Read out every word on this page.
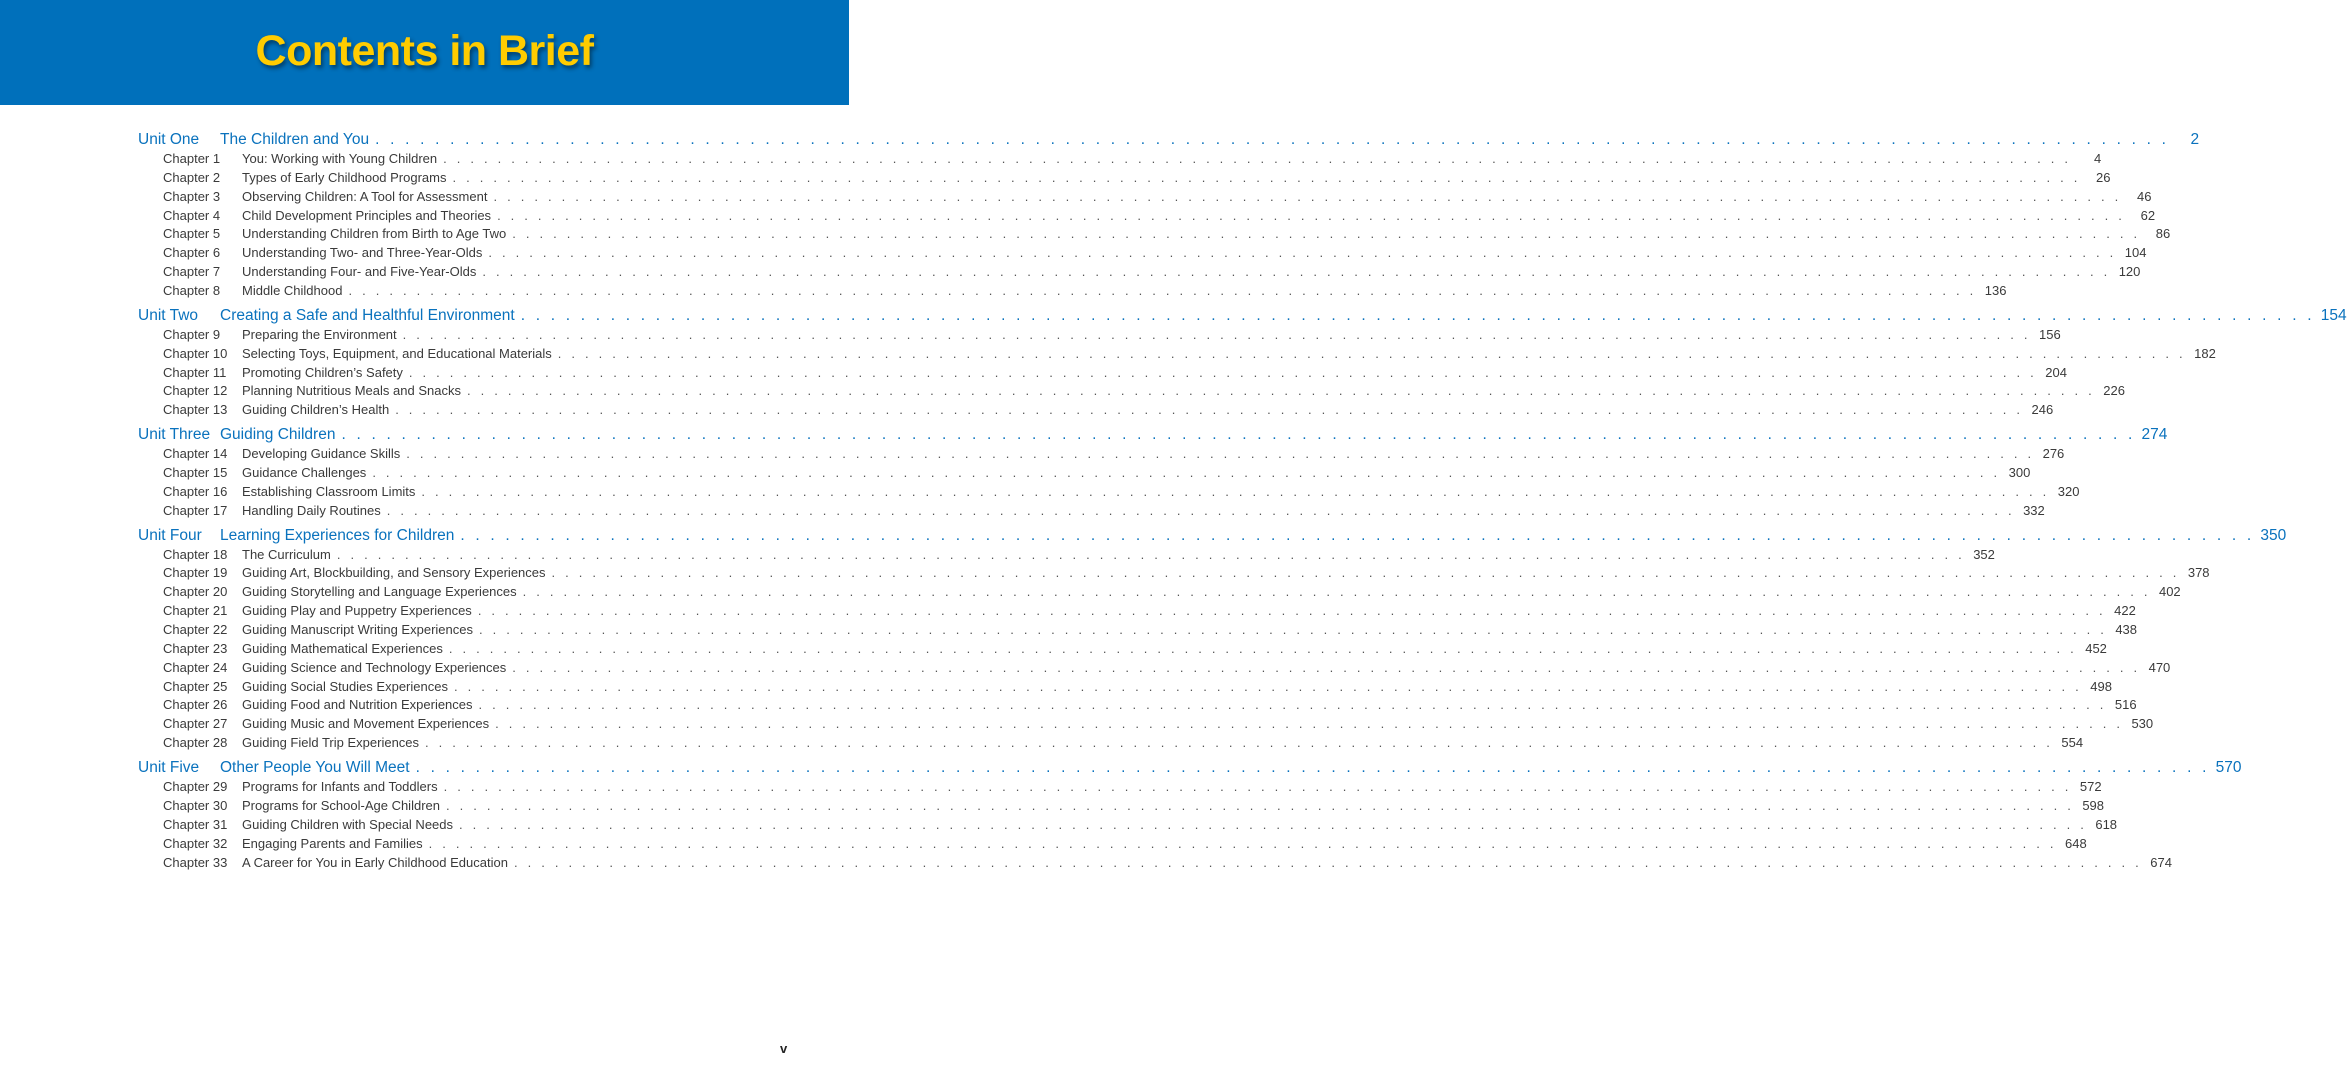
Contents in Brief
Unit One	The Children and You . . . . . . . . . . . . . . . . . . . . . . . . . . . . . . . . . . . . . . . . . . . . . . . . . . . . . . . . . . . . . . . . . . . . . . . . . . . . . . . . . . . . . . . . . . . . . . . . . . . . . . . . . . . . . . . . . . . . . . . .	2
Chapter 1	You: Working with Young Children . . . . . . . . . . . . . . . . . . . . . . . . . . . . . . . . . . . . . . . . . . . . . . . . . . . . . . . . . . . . . . . . . . . . . . . . . . . . . . . . . . . . . . . . . . . . . . . . . . . . . . . . . . . . . . . . . . . . . . . .	4
Chapter 2	Types of Early Childhood Programs . . . . . . . . . . . . . . . . . . . . . . . . . . . . . . . . . . . . . . . . . . . . . . . . . . . . . . . . . . . . . . . . . . . . . . . . . . . . . . . . . . . . . . . . . . . . . . . . . . . . . . . . . . . . . . . . . . . . . . . .	26
Chapter 3	Observing Children: A Tool for Assessment . . . . . . . . . . . . . . . . . . . . . . . . . . . . . . . . . . . . . . . . . . . . . . . . . . . . . . . . . . . . . . . . . . . . . . . . . . . . . . . . . . . . . . . . . . . . . . . . . . . . . . . . . . . . . . . . . . . . . . . .	46
Chapter 4	Child Development Principles and Theories . . . . . . . . . . . . . . . . . . . . . . . . . . . . . . . . . . . . . . . . . . . . . . . . . . . . . . . . . . . . . . . . . . . . . . . . . . . . . . . . . . . . . . . . . . . . . . . . . . . . . . . . . . . . . . . . . . . . . . . .	62
Chapter 5	Understanding Children from Birth to Age Two . . . . . . . . . . . . . . . . . . . . . . . . . . . . . . . . . . . . . . . . . . . . . . . . . . . . . . . . . . . . . . . . . . . . . . . . . . . . . . . . . . . . . . . . . . . . . . . . . . . . . . . . . . . . . . . . . . . . . . . .	86
Chapter 6	Understanding Two- and Three-Year-Olds . . . . . . . . . . . . . . . . . . . . . . . . . . . . . . . . . . . . . . . . . . . . . . . . . . . . . . . . . . . . . . . . . . . . . . . . . . . . . . . . . . . . . . . . . . . . . . . . . . . . . . . . . . . . . . . . . . . . . . . . 104
Chapter 7	Understanding Four- and Five-Year-Olds . . . . . . . . . . . . . . . . . . . . . . . . . . . . . . . . . . . . . . . . . . . . . . . . . . . . . . . . . . . . . . . . . . . . . . . . . . . . . . . . . . . . . . . . . . . . . . . . . . . . . . . . . . . . . . . . . . . . . . . . 120
Chapter 8	Middle Childhood . . . . . . . . . . . . . . . . . . . . . . . . . . . . . . . . . . . . . . . . . . . . . . . . . . . . . . . . . . . . . . . . . . . . . . . . . . . . . . . . . . . . . . . . . . . . . . . . . . . . . . . . . . . . . . . . . . . . . . . . 136
Unit Two	Creating a Safe and Healthful Environment . . . . . . . . . . . . . . . . . . . . . . . . . . . . . . . . . . . . . . . . . . . . . . . . . . . . . . . . . . . . . . . . . . . . . . . . . . . . . . . . . . . . . . . . . . . . . . . . . . . . . . . . . . . . . . . . . . . . . . . . 154
Chapter 9	Preparing the Environment . . . . . . . . . . . . . . . . . . . . . . . . . . . . . . . . . . . . . . . . . . . . . . . . . . . . . . . . . . . . . . . . . . . . . . . . . . . . . . . . . . . . . . . . . . . . . . . . . . . . . . . . . . . . . . . . . . . . . . . . 156
Chapter 10	Selecting Toys, Equipment, and Educational Materials . . . . . . . . . . . . . . . . . . . . . . . . . . . . . . . . . . . . . . . . . . . . . . . . . . . . . . . . . . . . . . . . . . . . . . . . . . . . . . . . . . . . . . . . . . . . . . . . . . . . . . . . . . . . . . . . . . . . . . . . 182
Chapter 11	Promoting Children’s Safety . . . . . . . . . . . . . . . . . . . . . . . . . . . . . . . . . . . . . . . . . . . . . . . . . . . . . . . . . . . . . . . . . . . . . . . . . . . . . . . . . . . . . . . . . . . . . . . . . . . . . . . . . . . . . . . . . . . . . . . . 204
Chapter 12	Planning Nutritious Meals and Snacks . . . . . . . . . . . . . . . . . . . . . . . . . . . . . . . . . . . . . . . . . . . . . . . . . . . . . . . . . . . . . . . . . . . . . . . . . . . . . . . . . . . . . . . . . . . . . . . . . . . . . . . . . . . . . . . . . . . . . . . . 226
Chapter 13	Guiding Children’s Health . . . . . . . . . . . . . . . . . . . . . . . . . . . . . . . . . . . . . . . . . . . . . . . . . . . . . . . . . . . . . . . . . . . . . . . . . . . . . . . . . . . . . . . . . . . . . . . . . . . . . . . . . . . . . . . . . . . . . . . . 246
Unit Three Guiding Children . . . . . . . . . . . . . . . . . . . . . . . . . . . . . . . . . . . . . . . . . . . . . . . . . . . . . . . . . . . . . . . . . . . . . . . . . . . . . . . . . . . . . . . . . . . . . . . . . . . . . . . . . . . . . . . . . . . . . . . . 274
Chapter 14	Developing Guidance Skills . . . . . . . . . . . . . . . . . . . . . . . . . . . . . . . . . . . . . . . . . . . . . . . . . . . . . . . . . . . . . . . . . . . . . . . . . . . . . . . . . . . . . . . . . . . . . . . . . . . . . . . . . . . . . . . . . . . . . . . . 276
Chapter 15	Guidance Challenges . . . . . . . . . . . . . . . . . . . . . . . . . . . . . . . . . . . . . . . . . . . . . . . . . . . . . . . . . . . . . . . . . . . . . . . . . . . . . . . . . . . . . . . . . . . . . . . . . . . . . . . . . . . . . . . . . . . . . . . . 300
Chapter 16	Establishing Classroom Limits . . . . . . . . . . . . . . . . . . . . . . . . . . . . . . . . . . . . . . . . . . . . . . . . . . . . . . . . . . . . . . . . . . . . . . . . . . . . . . . . . . . . . . . . . . . . . . . . . . . . . . . . . . . . . . . . . . . . . . . . 320
Chapter 17	Handling Daily Routines . . . . . . . . . . . . . . . . . . . . . . . . . . . . . . . . . . . . . . . . . . . . . . . . . . . . . . . . . . . . . . . . . . . . . . . . . . . . . . . . . . . . . . . . . . . . . . . . . . . . . . . . . . . . . . . . . . . . . . . . 332
Unit Four	Learning Experiences for Children . . . . . . . . . . . . . . . . . . . . . . . . . . . . . . . . . . . . . . . . . . . . . . . . . . . . . . . . . . . . . . . . . . . . . . . . . . . . . . . . . . . . . . . . . . . . . . . . . . . . . . . . . . . . . . . . . . . . . . . . 350
Chapter 18	The Curriculum . . . . . . . . . . . . . . . . . . . . . . . . . . . . . . . . . . . . . . . . . . . . . . . . . . . . . . . . . . . . . . . . . . . . . . . . . . . . . . . . . . . . . . . . . . . . . . . . . . . . . . . . . . . . . . . . . . . . . . . . 352
Chapter 19	Guiding Art, Blockbuilding, and Sensory Experiences . . . . . . . . . . . . . . . . . . . . . . . . . . . . . . . . . . . . . . . . . . . . . . . . . . . . . . . . . . . . . . . . . . . . . . . . . . . . . . . . . . . . . . . . . . . . . . . . . . . . . . . . . . . . . . . . . . . . . . . . 378
Chapter 20	Guiding Storytelling and Language Experiences . . . . . . . . . . . . . . . . . . . . . . . . . . . . . . . . . . . . . . . . . . . . . . . . . . . . . . . . . . . . . . . . . . . . . . . . . . . . . . . . . . . . . . . . . . . . . . . . . . . . . . . . . . . . . . . . . . . . . . . . 402
Chapter 21	Guiding Play and Puppetry Experiences . . . . . . . . . . . . . . . . . . . . . . . . . . . . . . . . . . . . . . . . . . . . . . . . . . . . . . . . . . . . . . . . . . . . . . . . . . . . . . . . . . . . . . . . . . . . . . . . . . . . . . . . . . . . . . . . . . . . . . . . 422
Chapter 22	Guiding Manuscript Writing Experiences . . . . . . . . . . . . . . . . . . . . . . . . . . . . . . . . . . . . . . . . . . . . . . . . . . . . . . . . . . . . . . . . . . . . . . . . . . . . . . . . . . . . . . . . . . . . . . . . . . . . . . . . . . . . . . . . . . . . . . . . 438
Chapter 23	Guiding Mathematical Experiences . . . . . . . . . . . . . . . . . . . . . . . . . . . . . . . . . . . . . . . . . . . . . . . . . . . . . . . . . . . . . . . . . . . . . . . . . . . . . . . . . . . . . . . . . . . . . . . . . . . . . . . . . . . . . . . . . . . . . . . . 452
Chapter 24	Guiding Science and Technology Experiences . . . . . . . . . . . . . . . . . . . . . . . . . . . . . . . . . . . . . . . . . . . . . . . . . . . . . . . . . . . . . . . . . . . . . . . . . . . . . . . . . . . . . . . . . . . . . . . . . . . . . . . . . . . . . . . . . . . . . . . . 470
Chapter 25	Guiding Social Studies Experiences . . . . . . . . . . . . . . . . . . . . . . . . . . . . . . . . . . . . . . . . . . . . . . . . . . . . . . . . . . . . . . . . . . . . . . . . . . . . . . . . . . . . . . . . . . . . . . . . . . . . . . . . . . . . . . . . . . . . . . . . 498
Chapter 26	Guiding Food and Nutrition Experiences . . . . . . . . . . . . . . . . . . . . . . . . . . . . . . . . . . . . . . . . . . . . . . . . . . . . . . . . . . . . . . . . . . . . . . . . . . . . . . . . . . . . . . . . . . . . . . . . . . . . . . . . . . . . . . . . . . . . . . . . 516
Chapter 27	Guiding Music and Movement Experiences . . . . . . . . . . . . . . . . . . . . . . . . . . . . . . . . . . . . . . . . . . . . . . . . . . . . . . . . . . . . . . . . . . . . . . . . . . . . . . . . . . . . . . . . . . . . . . . . . . . . . . . . . . . . . . . . . . . . . . . . 530
Chapter 28	Guiding Field Trip Experiences . . . . . . . . . . . . . . . . . . . . . . . . . . . . . . . . . . . . . . . . . . . . . . . . . . . . . . . . . . . . . . . . . . . . . . . . . . . . . . . . . . . . . . . . . . . . . . . . . . . . . . . . . . . . . . . . . . . . . . . . 554
Unit Five	Other People You Will Meet . . . . . . . . . . . . . . . . . . . . . . . . . . . . . . . . . . . . . . . . . . . . . . . . . . . . . . . . . . . . . . . . . . . . . . . . . . . . . . . . . . . . . . . . . . . . . . . . . . . . . . . . . . . . . . . . . . . . . . . . 570
Chapter 29	Programs for Infants and Toddlers . . . . . . . . . . . . . . . . . . . . . . . . . . . . . . . . . . . . . . . . . . . . . . . . . . . . . . . . . . . . . . . . . . . . . . . . . . . . . . . . . . . . . . . . . . . . . . . . . . . . . . . . . . . . . . . . . . . . . . . . 572
Chapter 30	Programs for School-Age Children . . . . . . . . . . . . . . . . . . . . . . . . . . . . . . . . . . . . . . . . . . . . . . . . . . . . . . . . . . . . . . . . . . . . . . . . . . . . . . . . . . . . . . . . . . . . . . . . . . . . . . . . . . . . . . . . . . . . . . . . 598
Chapter 31	Guiding Children with Special Needs . . . . . . . . . . . . . . . . . . . . . . . . . . . . . . . . . . . . . . . . . . . . . . . . . . . . . . . . . . . . . . . . . . . . . . . . . . . . . . . . . . . . . . . . . . . . . . . . . . . . . . . . . . . . . . . . . . . . . . . . 618
Chapter 32	Engaging Parents and Families . . . . . . . . . . . . . . . . . . . . . . . . . . . . . . . . . . . . . . . . . . . . . . . . . . . . . . . . . . . . . . . . . . . . . . . . . . . . . . . . . . . . . . . . . . . . . . . . . . . . . . . . . . . . . . . . . . . . . . . . 648
Chapter 33	A Career for You in Early Childhood Education . . . . . . . . . . . . . . . . . . . . . . . . . . . . . . . . . . . . . . . . . . . . . . . . . . . . . . . . . . . . . . . . . . . . . . . . . . . . . . . . . . . . . . . . . . . . . . . . . . . . . . . . . . . . . . . . . . . . . . . . 674
v
